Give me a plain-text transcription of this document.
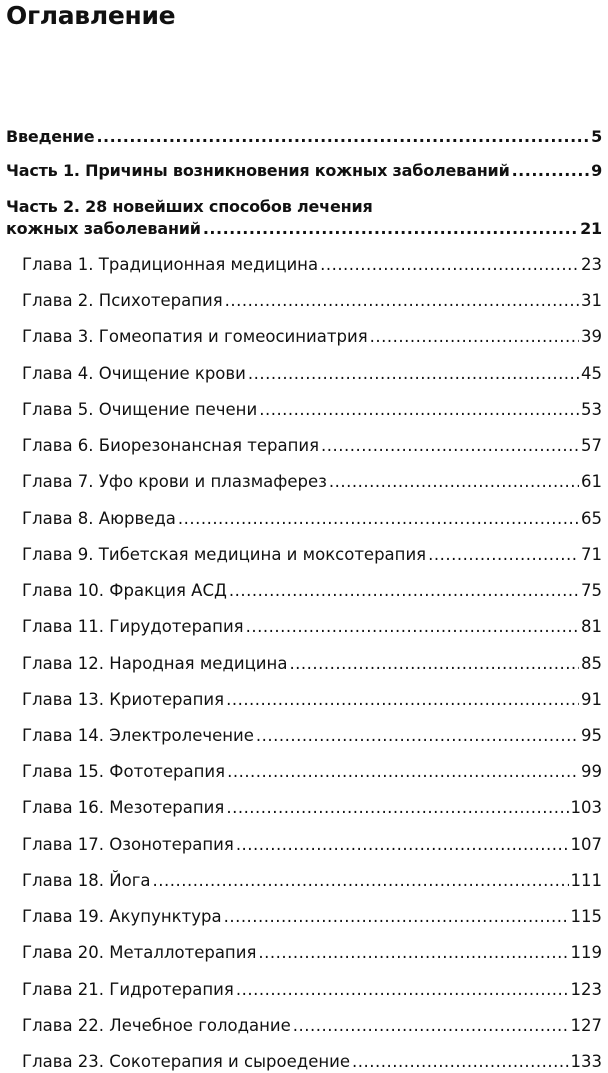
Оглавление
Введение .....	5
Часть 1. Причины возникновения кожных заболеваний .....	9
Часть 2. 28 новейших способов лечения
кожных заболеваний .....	21
Глава 1. Традиционная медицина .....	23
Глава 2. Психотерапия .....	31
Глава 3. Гомеопатия и гомеосиниатрия .....	39
Глава 4. Очищение крови .....	45
Глава 5. Очищение печени .....	53
Глава 6. Биорезонансная терапия .....	57
Глава 7. Уфо крови и плазмаферез .....	61
Глава 8. Аюрведа .....	65
Глава 9. Тибетская медицина и моксотерапия .....	71
Глава 10. Фракция АСД .....	75
Глава 11. Гирудотерапия .....	81
Глава 12. Народная медицина .....	85
Глава 13. Криотерапия .....	91
Глава 14. Электролечение .....	95
Глава 15. Фототерапия .....	99
Глава 16. Мезотерапия .....	103
Глава 17. Озонотерапия .....	107
Глава 18. Йога .....	111
Глава 19. Акупунктура .....	115
Глава 20. Металлотерапия .....	119
Глава 21. Гидротерапия .....	123
Глава 22. Лечебное голодание .....	127
Глава 23. Сокотерапия и сыроедение .....	133
